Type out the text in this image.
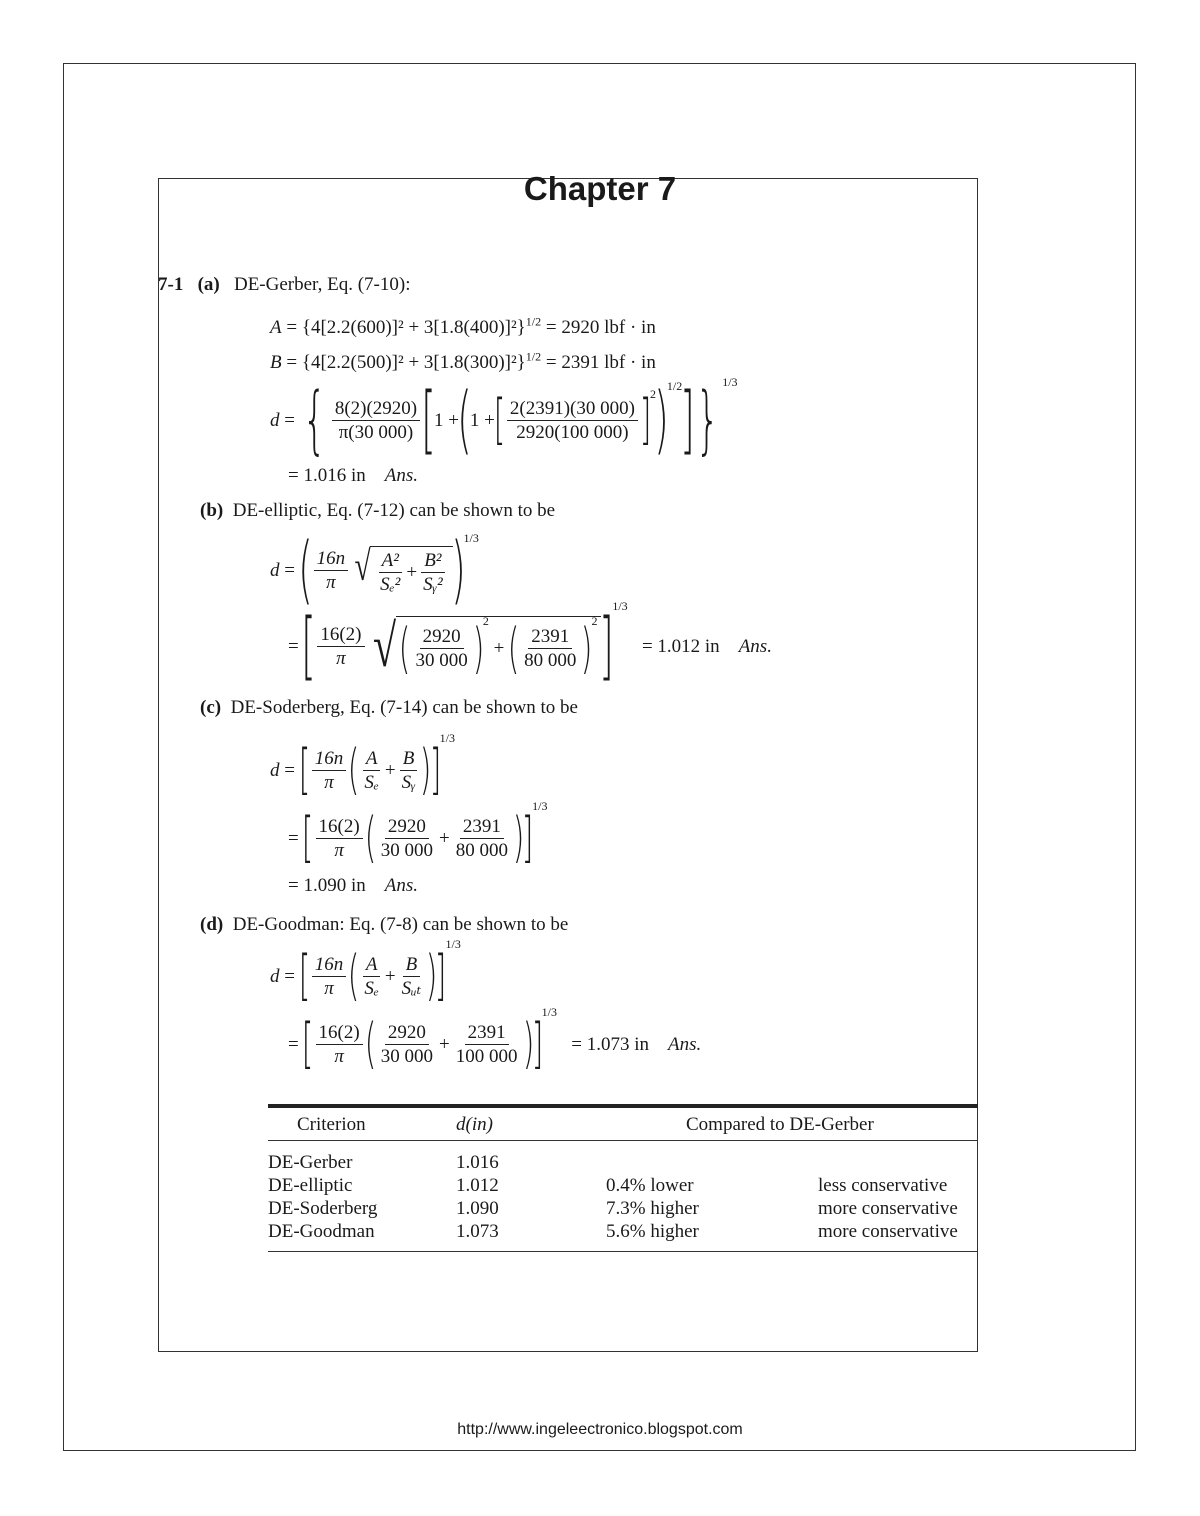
Chapter 7
7-1 (a) DE-Gerber, Eq. (7-10):
$A = \{4[2.2(600)]^2 + 3[1.8(400)]^2\}^{1/2} = 2920$ lbf · in
$B = \{4[2.2(500)]^2 + 3[1.8(300)]^2\}^{1/2} = 2391$ lbf · in
d = { $\frac{8(2)(2920)}{\pi(30 000)}$ [
1 +
(
1 +
[ $\frac{2(2391)(30 000)}{2920(100 000)}$ ]
2
)
1/2
] } 1/3
= 1.016 in Ans.
(b) DE-elliptic, Eq. (7-12) can be shown to be
d =
( $\frac{16n}{\pi}$ √ $\frac{\text{A²}}{\text{Sₑ²}} + \frac{\text{B²}}{\text{Sᵧ²}}$ )
1/3
=
[ $\frac{16(2)}{\pi}$ √ ( $\frac{2920}{30 000}$ )
2
+
( $\frac{2391}{80 000}$ )
2 ]
1/3

= 1.012 in
Ans.
(c) DE-Soderberg, Eq. (7-14) can be shown to be
d =
[ $\frac{16n}{\pi}$ ( $\frac{A}{\text{Sₑ}} + \frac{B}{\text{Sᵧ}}$ )
]
1/3
=
[ $\frac{16(2)}{\pi}$ ( $\frac{2920}{30 000} + \frac{2391}{80 000}$ )
]
1/3
= 1.090 in Ans.
(d) DE-Goodman: Eq. (7-8) can be shown to be
d =
[ $\frac{16n}{\pi}$ ( $\frac{A}{\text{Sₑ}} + \frac{B}{\text{Sᵤₜ}}$ )
]
1/3
=
[ $\frac{16(2)}{\pi}$ ( $\frac{2920}{30 000} + \frac{2391}{100 000}$ )
]
1/3

= 1.073 in
Ans.
Criterion	d(in)	Compared to DE-Gerber
DE-Gerber	1.016
DE-elliptic	1.012	0.4% lower	less conservative
DE-Soderberg	1.090	7.3% higher	more conservative
DE-Goodman	1.073	5.6% higher	more conservative
http://www.ingeleectronico.blogspot.com
